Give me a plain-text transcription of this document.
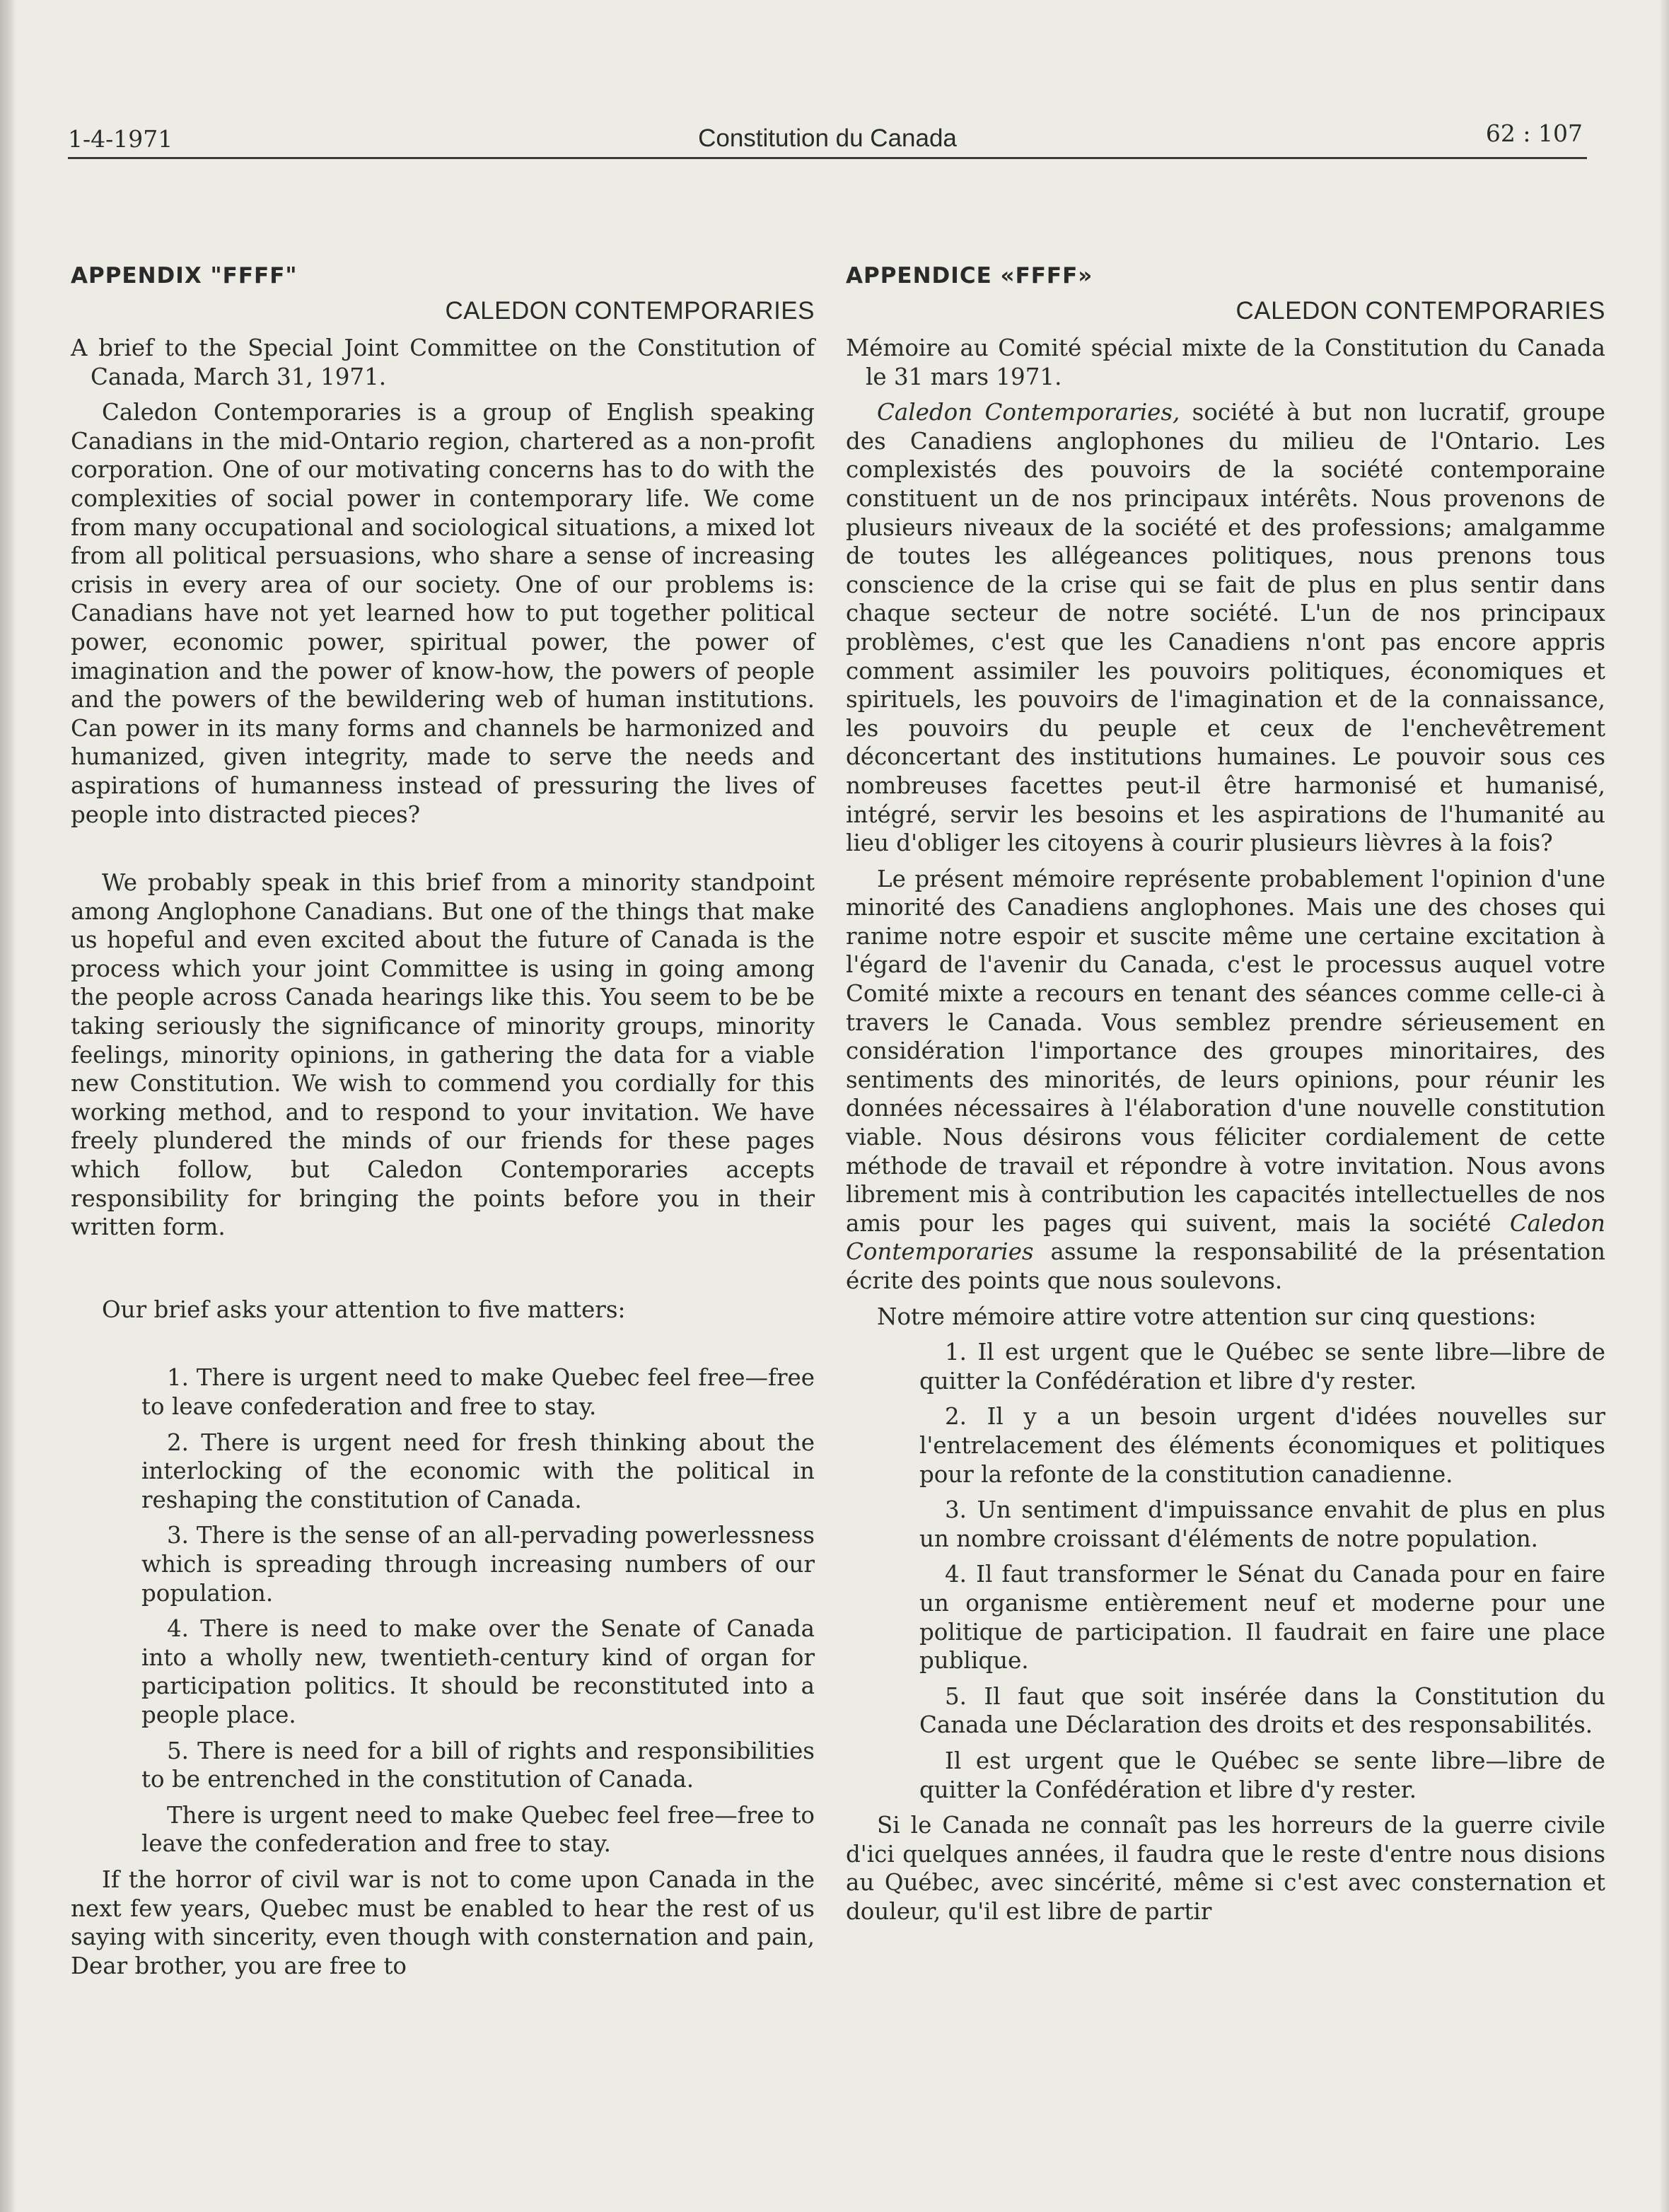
1-4-1971	Constitution du Canada	62 : 107
APPENDIX "FFFF"
CALEDON CONTEMPORARIES

A brief to the Special Joint Committee on the Constitution of Canada, March 31, 1971.

Caledon Contemporaries is a group of English speaking Canadians in the mid-Ontario region, chartered as a non-profit corporation. One of our motivating concerns has to do with the complexities of social power in contemporary life. We come from many occupational and sociological situations, a mixed lot from all political persuasions, who share a sense of increasing crisis in every area of our society. One of our problems is: Canadians have not yet learned how to put together political power, economic power, spiritual power, the power of imagination and the power of know-how, the powers of people and the powers of the bewildering web of human institutions. Can power in its many forms and channels be harmonized and humanized, given integrity, made to serve the needs and aspirations of humanness instead of pressuring the lives of people into distracted pieces?

We probably speak in this brief from a minority standpoint among Anglophone Canadians. But one of the things that make us hopeful and even excited about the future of Canada is the process which your joint Committee is using in going among the people across Canada hearings like this. You seem to be be taking seriously the significance of minority groups, minority feelings, minority opinions, in gathering the data for a viable new Constitution. We wish to commend you cordially for this working method, and to respond to your invitation. We have freely plundered the minds of our friends for these pages which follow, but Caledon Contemporaries accepts responsibility for bringing the points before you in their written form.

Our brief asks your attention to five matters:

1. There is urgent need to make Quebec feel free—free to leave confederation and free to stay.

2. There is urgent need for fresh thinking about the interlocking of the economic with the political in reshaping the constitution of Canada.

3. There is the sense of an all-pervading powerlessness which is spreading through increasing numbers of our population.

4. There is need to make over the Senate of Canada into a wholly new, twentieth-century kind of organ for participation politics. It should be reconstituted into a people place.

5. There is need for a bill of rights and responsibilities to be entrenched in the constitution of Canada.

There is urgent need to make Quebec feel free—free to leave the confederation and free to stay.

If the horror of civil war is not to come upon Canada in the next few years, Quebec must be enabled to hear the rest of us saying with sincerity, even though with consternation and pain, Dear brother, you are free to

APPENDICE «FFFF»
CALEDON CONTEMPORARIES

Mémoire au Comité spécial mixte de la Constitution du Canada le 31 mars 1971.

Caledon Contemporaries, société à but non lucratif, groupe des Canadiens anglophones du milieu de l'Ontario. Les complexistés des pouvoirs de la société contemporaine constituent un de nos principaux intérêts. Nous provenons de plusieurs niveaux de la société et des professions; amalgamme de toutes les allégeances politiques, nous prenons tous conscience de la crise qui se fait de plus en plus sentir dans chaque secteur de notre société. L'un de nos principaux problèmes, c'est que les Canadiens n'ont pas encore appris comment assimiler les pouvoirs politiques, économiques et spirituels, les pouvoirs de l'imagination et de la connaissance, les pouvoirs du peuple et ceux de l'enchevêtrement déconcertant des institutions humaines. Le pouvoir sous ces nombreuses facettes peut-il être harmonisé et humanisé, intégré, servir les besoins et les aspirations de l'humanité au lieu d'obliger les citoyens à courir plusieurs lièvres à la fois?

Le présent mémoire représente probablement l'opinion d'une minorité des Canadiens anglophones. Mais une des choses qui ranime notre espoir et suscite même une certaine excitation à l'égard de l'avenir du Canada, c'est le processus auquel votre Comité mixte a recours en tenant des séances comme celle-ci à travers le Canada. Vous semblez prendre sérieusement en considération l'importance des groupes minoritaires, des sentiments des minorités, de leurs opinions, pour réunir les données nécessaires à l'élaboration d'une nouvelle constitution viable. Nous désirons vous féliciter cordialement de cette méthode de travail et répondre à votre invitation. Nous avons librement mis à contribution les capacités intellectuelles de nos amis pour les pages qui suivent, mais la société Caledon Contemporaries assume la responsabilité de la présentation écrite des points que nous soulevons.

Notre mémoire attire votre attention sur cinq questions:

1. Il est urgent que le Québec se sente libre—libre de quitter la Confédération et libre d'y rester.

2. Il y a un besoin urgent d'idées nouvelles sur l'entrelacement des éléments économiques et politiques pour la refonte de la constitution canadienne.

3. Un sentiment d'impuissance envahit de plus en plus un nombre croissant d'éléments de notre population.

4. Il faut transformer le Sénat du Canada pour en faire un organisme entièrement neuf et moderne pour une politique de participation. Il faudrait en faire une place publique.

5. Il faut que soit insérée dans la Constitution du Canada une Déclaration des droits et des responsabilités.

Il est urgent que le Québec se sente libre—libre de quitter la Confédération et libre d'y rester.

Si le Canada ne connaît pas les horreurs de la guerre civile d'ici quelques années, il faudra que le reste d'entre nous disions au Québec, avec sincérité, même si c'est avec consternation et douleur, qu'il est libre de partir
